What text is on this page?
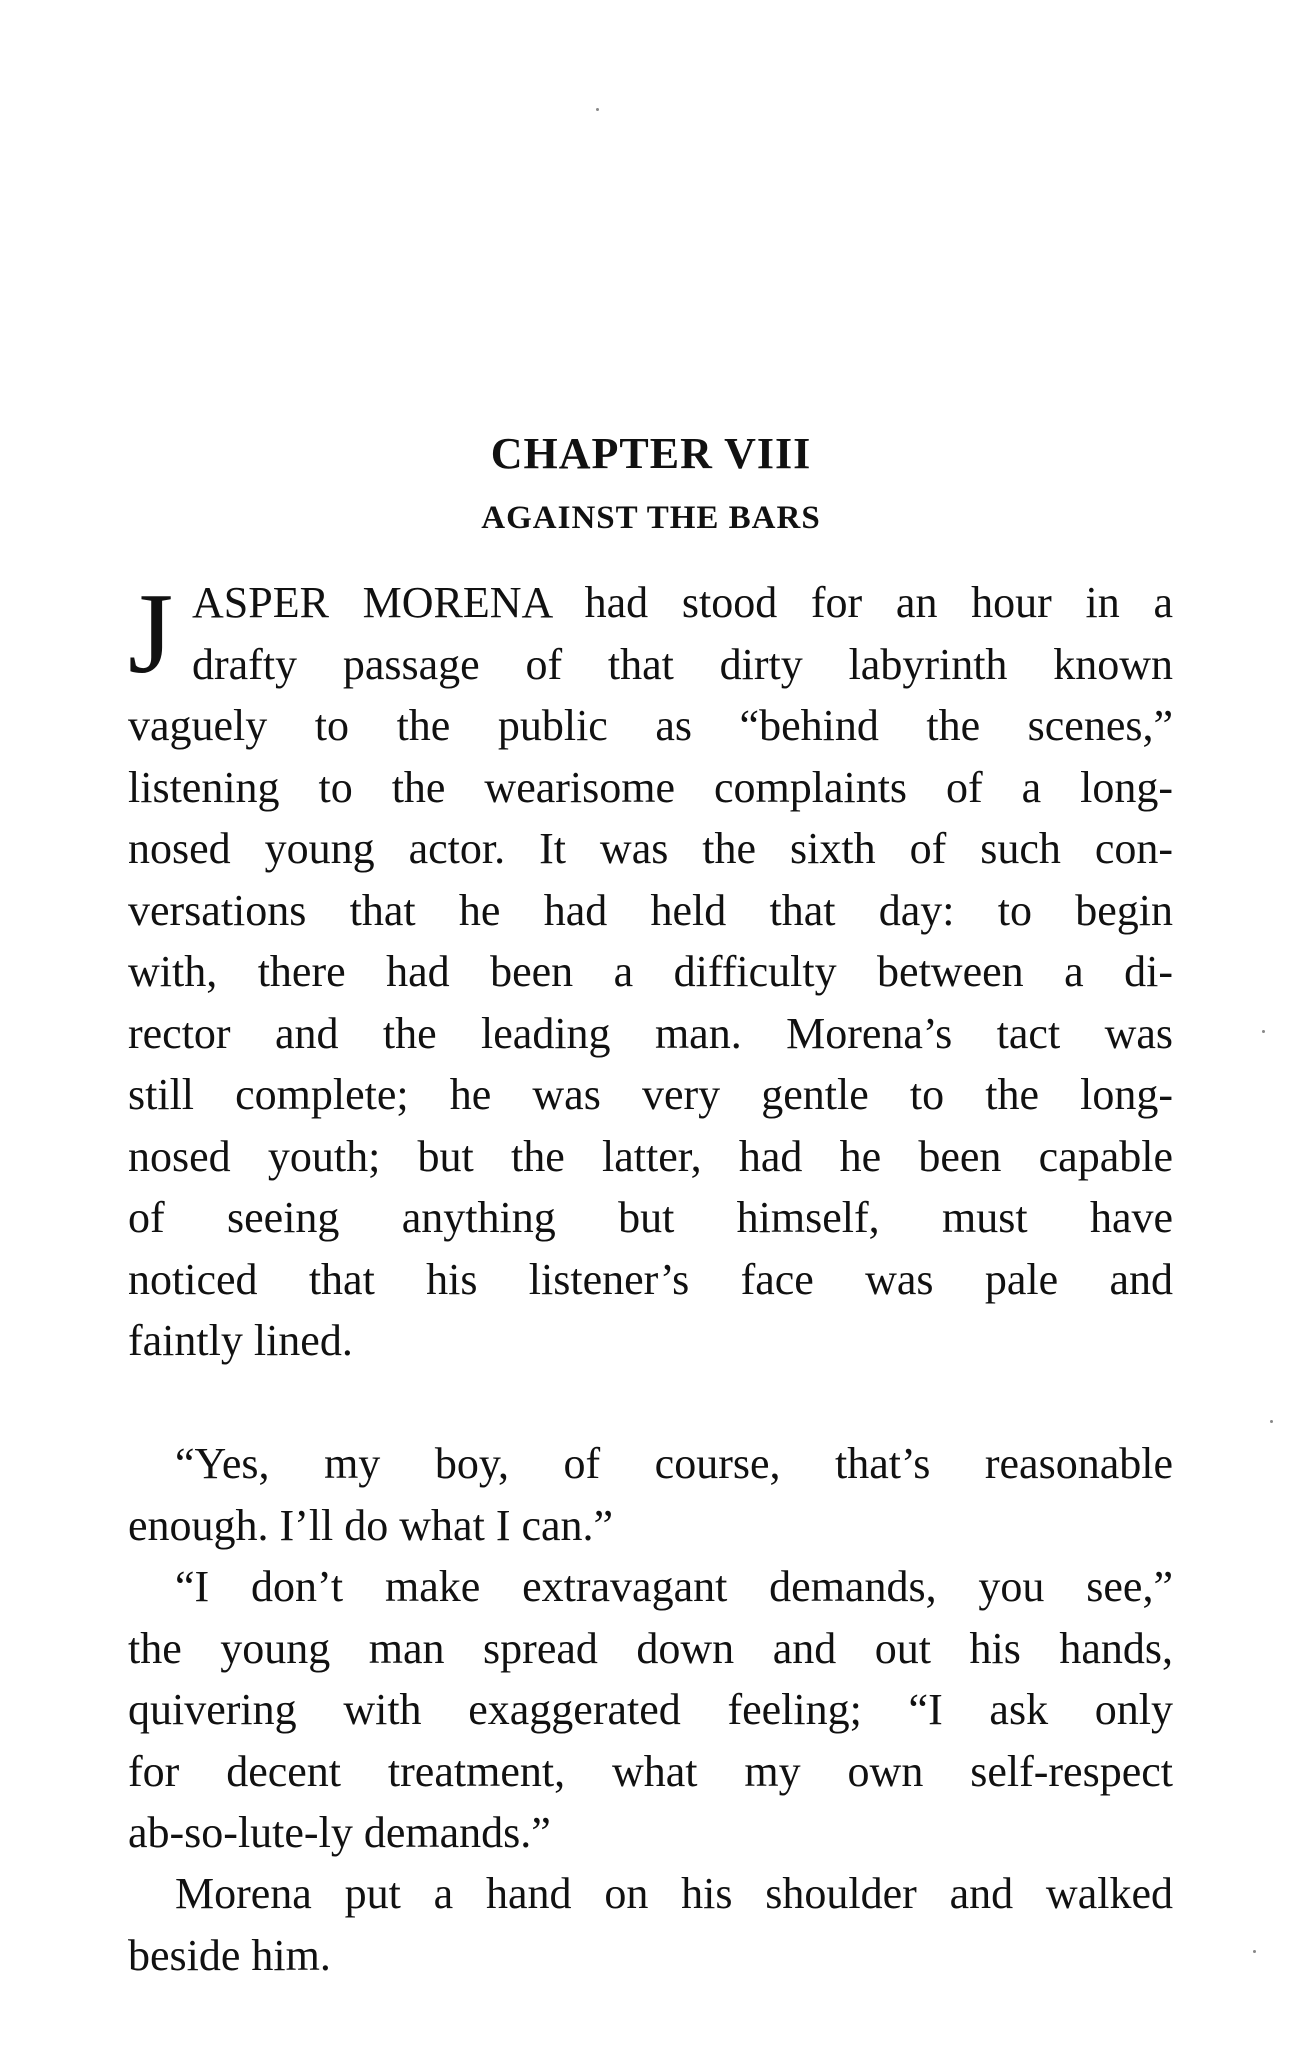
CHAPTER VIII
AGAINST THE BARS
J ASPER MORENA had stood for an hour in a
drafty passage of that dirty labyrinth known
vaguely to the public as “behind the scenes,”
listening to the wearisome complaints of a long-
nosed young actor. It was the sixth of such con-
versations that he had held that day: to begin
with, there had been a difficulty between a di-
rector and the leading man. Morena’s tact was
still complete; he was very gentle to the long-
nosed youth; but the latter, had he been capable
of seeing anything but himself, must have
noticed that his listener’s face was pale and
faintly lined.
“Yes, my boy, of course, that’s reasonable
enough. I’ll do what I can.”
“I don’t make extravagant demands, you see,”
the young man spread down and out his hands,
quivering with exaggerated feeling; “I ask only
for decent treatment, what my own self-respect
ab-so-lute-ly demands.”
Morena put a hand on his shoulder and walked
beside him.
